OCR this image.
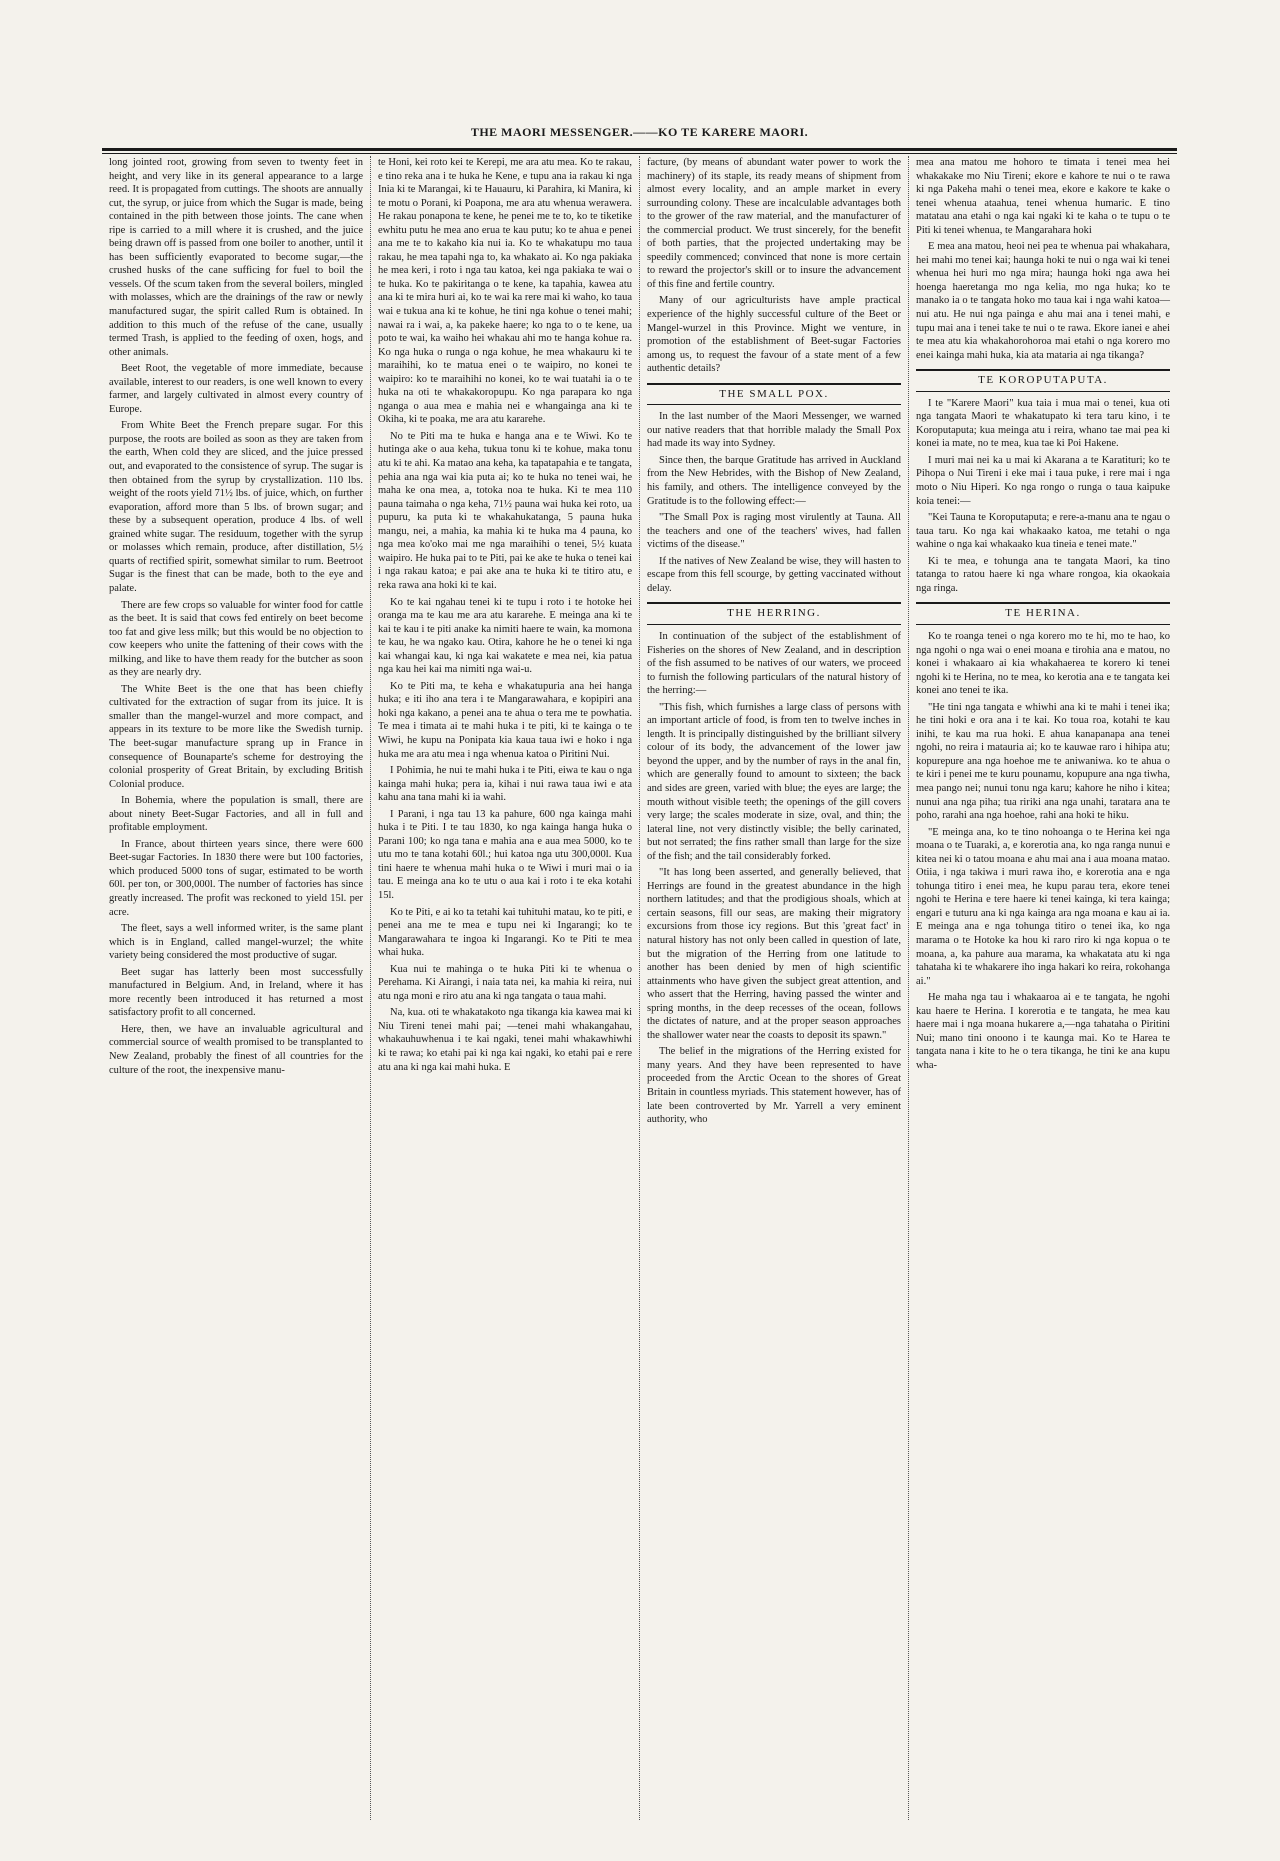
THE MAORI MESSENGER.——KO TE KARERE MAORI.

long jointed root, growing from seven to twenty feet in height, and very like in its general appearance to a large reed. It is propagated from cuttings. The shoots are annually cut, the syrup, or juice from which the Sugar is made, being contained in the pith between those joints. The cane when ripe is carried to a mill where it is crushed, and the juice being drawn off is passed from one boiler to another, until it has been sufficiently evaporated to become sugar,—the crushed husks of the cane sufficing for fuel to boil the vessels. Of the scum taken from the several boilers, mingled with molasses, which are the drainings of the raw or newly manufactured sugar, the spirit called Rum is obtained. In addition to this much of the refuse of the cane, usually termed Trash, is applied to the feeding of oxen, hogs, and other animals.

Beet Root, the vegetable of more immediate, because available, interest to our readers, is one well known to every farmer, and largely cultivated in almost every country of Europe.

From White Beet the French prepare sugar. For this purpose, the roots are boiled as soon as they are taken from the earth, When cold they are sliced, and the juice pressed out, and evaporated to the consistence of syrup. The sugar is then obtained from the syrup by crystallization. 110 lbs. weight of the roots yield 71½ lbs. of juice, which, on further evaporation, afford more than 5 lbs. of brown sugar; and these by a subsequent operation, produce 4 lbs. of well grained white sugar. The residuum, together with the syrup or molasses which remain, produce, after distillation, 5½ quarts of rectified spirit, somewhat similar to rum. Beetroot Sugar is the finest that can be made, both to the eye and palate.

There are few crops so valuable for winter food for cattle as the beet. It is said that cows fed entirely on beet become too fat and give less milk; but this would be no objection to cow keepers who unite the fattening of their cows with the milking, and like to have them ready for the butcher as soon as they are nearly dry.

The White Beet is the one that has been chiefly cultivated for the extraction of sugar from its juice. It is smaller than the mangel-wurzel and more compact, and appears in its texture to be more like the Swedish turnip. The beet-sugar manufacture sprang up in France in consequence of Bounaparte's scheme for destroying the colonial prosperity of Great Britain, by excluding British Colonial produce.

In Bohemia, where the population is small, there are about ninety Beet-Sugar Factories, and all in full and profitable employment.

In France, about thirteen years since, there were 600 Beet-sugar Factories. In 1830 there were but 100 factories, which produced 5000 tons of sugar, estimated to be worth 60l. per ton, or 300,000l. The number of factories has since greatly increased. The profit was reckoned to yield 15l. per acre.

The fleet, says a well informed writer, is the same plant which is in England, called mangel-wurzel; the white variety being considered the most productive of sugar.

Beet sugar has latterly been most successfully manufactured in Belgium. And, in Ireland, where it has more recently been introduced it has returned a most satisfactory profit to all concerned.

Here, then, we have an invaluable agricultural and commercial source of wealth promised to be transplanted to New Zealand, probably the finest of all countries for the culture of the root, the inexpensive manu-

te Honi, kei roto kei te Kerepi, me ara atu mea. Ko te rakau, e tino reka ana i te huka he Kene, e tupu ana ia rakau ki nga Inia ki te Marangai, ki te Hauauru, ki Parahira, ki Manira, ki te motu o Porani, ki Poapona, me ara atu whenua werawera. He rakau ponapona te kene, he penei me te to, ko te tiketike ewhitu putu he mea ano erua te kau putu; ko te ahua e penei ana me te to kakaho kia nui ia. Ko te whakatupu mo taua rakau, he mea tapahi nga to, ka whakato ai. Ko nga pakiaka he mea keri, i roto i nga tau katoa, kei nga pakiaka te wai o te huka. Ko te pakiritanga o te kene, ka tapahia, kawea atu ana ki te mira huri ai, ko te wai ka rere mai ki waho, ko taua wai e tukua ana ki te kohue, he tini nga kohue o tenei mahi; nawai ra i wai, a, ka pakeke haere; ko nga to o te kene, ua poto te wai, ka waiho hei whakau ahi mo te hanga kohue ra. Ko nga huka o runga o nga kohue, he mea whakauru ki te maraihihi, ko te matua enei o te waipiro, no konei te waipiro: ko te maraihihi no konei, ko te wai tuatahi ia o te huka na oti te whakakoropupu. Ko nga parapara ko nga nganga o aua mea e mahia nei e whangainga ana ki te Okiha, ki te poaka, me ara atu kararehe.

No te Piti ma te huka e hanga ana e te Wiwi. Ko te hutinga ake o aua keha, tukua tonu ki te kohue, maka tonu atu ki te ahi. Ka matao ana keha, ka tapatapahia e te tangata, pehia ana nga wai kia puta ai; ko te huka no tenei wai, he maha ke ona mea, a, totoka noa te huka. Ki te mea 110 pauna taimaha o nga keha, 71½ pauna wai huka kei roto, ua pupuru, ka puta ki te whakahukatanga, 5 pauna huka mangu, nei, a mahia, ka mahia ki te huka ma 4 pauna, ko nga mea ko'oko mai me nga maraihihi o tenei, 5½ kuata waipiro. He huka pai to te Piti, pai ke ake te huka o tenei kai i nga rakau katoa; e pai ake ana te huka ki te titiro atu, e reka rawa ana hoki ki te kai.

Ko te kai ngahau tenei ki te tupu i roto i te hotoke hei oranga ma te kau me ara atu kararehe. E meinga ana ki te kai te kau i te piti anake ka nimiti haere te wain, ka momona te kau, he wa ngako kau. Otira, kahore he he o tenei ki nga kai whangai kau, ki nga kai wakatete e mea nei, kia patua nga kau hei kai ma nimiti nga wai-u.

Ko te Piti ma, te keha e whakatupuria ana hei hanga huka; e iti iho ana tera i te Mangarawahara, e kopipiri ana hoki nga kakano, a penei ana te ahua o tera me te powhatia. Te mea i timata ai te mahi huka i te piti, ki te kainga o te Wiwi, he kupu na Ponipata kia kaua taua iwi e hoko i nga huka me ara atu mea i nga whenua katoa o Piritini Nui.

I Pohimia, he nui te mahi huka i te Piti, eiwa te kau o nga kainga mahi huka; pera ia, kihai i nui rawa taua iwi e ata kahu ana tana mahi ki ia wahi.

I Parani, i nga tau 13 ka pahure, 600 nga kainga mahi huka i te Piti. I te tau 1830, ko nga kainga hanga huka o Parani 100; ko nga tana e mahia ana e aua mea 5000, ko te utu mo te tana kotahi 60l.; hui katoa nga utu 300,000l. Kua tini haere te whenua mahi huka o te Wiwi i muri mai o ia tau. E meinga ana ko te utu o aua kai i roto i te eka kotahi 15l.

Ko te Piti, e ai ko ta tetahi kai tuhituhi matau, ko te piti, e penei ana me te mea e tupu nei ki Ingarangi; ko te Mangarawahara te ingoa ki Ingarangi. Ko te Piti te mea whai huka.

Kua nui te mahinga o te huka Piti ki te whenua o Perehama. Ki Airangi, i naia tata nei, ka mahia ki reira, nui atu nga moni e riro atu ana ki nga tangata o taua mahi.

Na, kua. oti te whakatakoto nga tikanga kia kawea mai ki Niu Tireni tenei mahi pai; —tenei mahi whakangahau, whakauhuwhenua i te kai ngaki, tenei mahi whakawhiwhi ki te rawa; ko etahi pai ki nga kai ngaki, ko etahi pai e rere atu ana ki nga kai mahi huka. E

facture, (by means of abundant water power to work the machinery) of its staple, its ready means of shipment from almost every locality, and an ample market in every surrounding colony. These are incalculable advantages both to the grower of the raw material, and the manufacturer of the commercial product. We trust sincerely, for the benefit of both parties, that the projected undertaking may be speedily commenced; convinced that none is more certain to reward the projector's skill or to insure the advancement of this fine and fertile country.

Many of our agriculturists have ample practical experience of the highly successful culture of the Beet or Mangel-wurzel in this Province. Might we venture, in promotion of the establishment of Beet-sugar Factories among us, to request the favour of a state ment of a few authentic details?

THE SMALL POX.

In the last number of the Maori Messenger, we warned our native readers that that horrible malady the Small Pox had made its way into Sydney.

Since then, the barque Gratitude has arrived in Auckland from the New Hebrides, with the Bishop of New Zealand, his family, and others. The intelligence conveyed by the Gratitude is to the following effect:—

"The Small Pox is raging most virulently at Tauna. All the teachers and one of the teachers' wives, had fallen victims of the disease."

If the natives of New Zealand be wise, they will hasten to escape from this fell scourge, by getting vaccinated without delay.

THE HERRING.

In continuation of the subject of the establishment of Fisheries on the shores of New Zealand, and in description of the fish assumed to be natives of our waters, we proceed to furnish the following particulars of the natural history of the herring:—

"This fish, which furnishes a large class of persons with an important article of food, is from ten to twelve inches in length. It is principally distinguished by the brilliant silvery colour of its body, the advancement of the lower jaw beyond the upper, and by the number of rays in the anal fin, which are generally found to amount to sixteen; the back and sides are green, varied with blue; the eyes are large; the mouth without visible teeth; the openings of the gill covers very large; the scales moderate in size, oval, and thin; the lateral line, not very distinctly visible; the belly carinated, but not serrated; the fins rather small than large for the size of the fish; and the tail considerably forked.

"It has long been asserted, and generally believed, that Herrings are found in the greatest abundance in the high northern latitudes; and that the prodigious shoals, which at certain seasons, fill our seas, are making their migratory excursions from those icy regions. But this 'great fact' in natural history has not only been called in question of late, but the migration of the Herring from one latitude to another has been denied by men of high scientific attainments who have given the subject great attention, and who assert that the Herring, having passed the winter and spring months, in the deep recesses of the ocean, follows the dictates of nature, and at the proper season approaches the shallower water near the coasts to deposit its spawn."

The belief in the migrations of the Herring existed for many years. And they have been represented to have proceeded from the Arctic Ocean to the shores of Great Britain in countless myriads. This statement however, has of late been controverted by Mr. Yarrell a very eminent authority, who

mea ana matou me hohoro te timata i tenei mea hei whakakake mo Niu Tireni; ekore e kahore te nui o te rawa ki nga Pakeha mahi o tenei mea, ekore e kakore te kake o tenei whenua ataahua, tenei whenua humaric. E tino matatau ana etahi o nga kai ngaki ki te kaha o te tupu o te Piti ki tenei whenua, te Mangarahara hoki

E mea ana matou, heoi nei pea te whenua pai whakahara, hei mahi mo tenei kai; haunga hoki te nui o nga wai ki tenei whenua hei huri mo nga mira; haunga hoki nga awa hei hoenga haeretanga mo nga kelia, mo nga huka; ko te manako ia o te tangata hoko mo taua kai i nga wahi katoa—nui atu. He nui nga painga e ahu mai ana i tenei mahi, e tupu mai ana i tenei take te nui o te rawa. Ekore ianei e ahei te mea atu kia whakahorohoroa mai etahi o nga korero mo enei kainga mahi huka, kia ata mataria ai nga tikanga?

TE KOROPUTAPUTA.

I te "Karere Maori" kua taia i mua mai o tenei, kua oti nga tangata Maori te whakatupato ki tera taru kino, i te Koroputaputa; kua meinga atu i reira, whano tae mai pea ki konei ia mate, no te mea, kua tae ki Poi Hakene.

I muri mai nei ka u mai ki Akarana a te Karatituri; ko te Pihopa o Nui Tireni i eke mai i taua puke, i rere mai i nga moto o Niu Hiperi. Ko nga rongo o runga o taua kaipuke koia tenei:—

"Kei Tauna te Koroputaputa; e rere-a-manu ana te ngau o taua taru. Ko nga kai whakaako katoa, me tetahi o nga wahine o nga kai whakaako kua tineia e tenei mate."

Ki te mea, e tohunga ana te tangata Maori, ka tino tatanga to ratou haere ki nga whare rongoa, kia okaokaia nga ringa.

TE HERINA.

Ko te roanga tenei o nga korero mo te hi, mo te hao, ko nga ngohi o nga wai o enei moana e tirohia ana e matou, no konei i whakaaro ai kia whakahaerea te korero ki tenei ngohi ki te Herina, no te mea, ko kerotia ana e te tangata kei konei ano tenei te ika.

"He tini nga tangata e whiwhi ana ki te mahi i tenei ika; he tini hoki e ora ana i te kai. Ko toua roa, kotahi te kau inihi, te kau ma rua hoki. E ahua kanapanapa ana tenei ngohi, no reira i matauria ai; ko te kauwae raro i hihipa atu; kopurepure ana nga hoehoe me te aniwaniwa. ko te ahua o te kiri i penei me te kuru pounamu, kopupure ana nga tiwha, mea pango nei; nunui tonu nga karu; kahore he niho i kitea; nunui ana nga piha; tua ririki ana nga unahi, taratara ana te poho, rarahi ana nga hoehoe, rahi ana hoki te hiku.

"E meinga ana, ko te tino nohoanga o te Herina kei nga moana o te Tuaraki, a, e korerotia ana, ko nga ranga nunui e kitea nei ki o tatou moana e ahu mai ana i aua moana matao. Otiia, i nga takiwa i muri rawa iho, e korerotia ana e nga tohunga titiro i enei mea, he kupu parau tera, ekore tenei ngohi te Herina e tere haere ki tenei kainga, ki tera kainga; engari e tuturu ana ki nga kainga ara nga moana e kau ai ia. E meinga ana e nga tohunga titiro o tenei ika, ko nga marama o te Hotoke ka hou ki raro riro ki nga kopua o te moana, a, ka pahure aua marama, ka whakatata atu ki nga tahataha ki te whakarere iho inga hakari ko reira, rokohanga ai."

He maha nga tau i whakaaroa ai e te tangata, he ngohi kau haere te Herina. I korerotia e te tangata, he mea kau haere mai i nga moana hukarere a,—nga tahataha o Piritini Nui; mano tini onoono i te kaunga mai. Ko te Harea te tangata nana i kite to he o tera tikanga, he tini ke ana kupu wha-
